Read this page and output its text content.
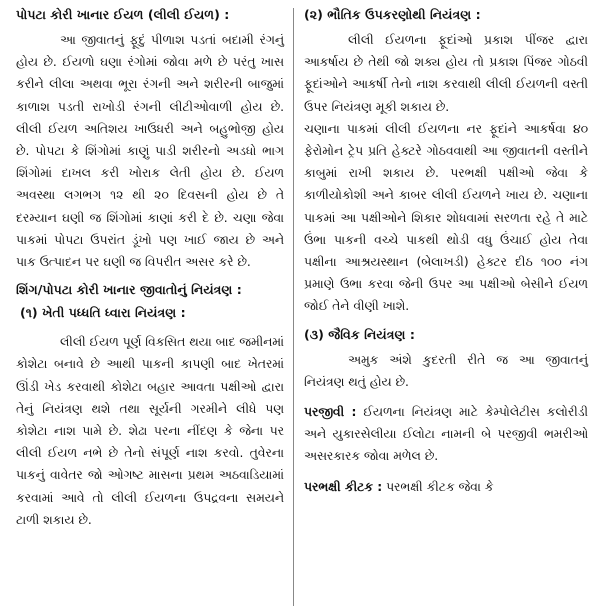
પોપટા કોરી ખાનાર ઈયળ (લીલી ઈયળ) :

આ જીવાતનું ફૂદું પીળાશ પડતાં બદામી રંગનું હોય છે. ઈયળો ઘણા રંગોમાં જોવા મળે છે પરંતુ ખાસ કરીને લીલા અથવા ભૂરા રંગની અને શરીરની બાજુમાં કાળાશ પડતી રાખોડી રંગની લીટીઓવાળી હોય છે. લીલી ઈયળ અતિશય ખાઉધરી અને બહુભોજી હોય છે. પોપટા કે શિંગોમાં કાણું પાડી શરીરનો અડધો ભાગ શિંગોમાં દાખલ કરી ખોરાક લેતી હોય છે. ઈયળ અવસ્થા લગભગ ૧૨ થી ૨૦ દિવસની હોય છે તે દરમ્યાન ઘણી જ શિંગોમાં કાણાં કરી દે છે. ચણા જેવા પાકમાં પોપટા ઉપરાંત ડૂંખો પણ ખાઈ જાય છે અને પાક ઉત્પાદન પર ઘણી જ વિપરીત અસર કરે છે.

શિંગ/પોપટા કોરી ખાનાર જીવાતોનું નિયંત્રણ :
(૧) ખેતી પધ્ધતિ ધ્વારા નિયંત્રણ :

લીલી ઈયળ પૂર્ણ વિકસિત થયા બાદ જમીનમાં કોશેટા બનાવે છે આથી પાકની કાપણી બાદ ખેતરમાં ઊંડી ખેડ કરવાથી કોશેટા બહાર આવતા પક્ષીઓ દ્વારા તેનું નિયંત્રણ થશે તથા સૂર્યની ગરમીને લીધે પણ કોશેટા નાશ પામે છે. શેઢા પરના નીંદણ કે જેના પર લીલી ઈયળ નભે છે તેનો સંપૂર્ણ નાશ કરવો. તુવેરના પાકનું વાવેતર જો ઓગષ્ટ માસના પ્રથમ અઠવાડિયામાં કરવામાં આવે તો લીલી ઈયળના ઉપદ્રવના સમયને ટાળી શકાય છે.

(૨) ભૌતિક ઉપકરણોથી નિયંત્રણ :

લીલી ઈયળના ફૂદાંઓ પ્રકાશ પીંજર દ્વારા આકર્ષાય છે તેથી જો શક્ય હોય તો પ્રકાશ પિંજર ગોઠવી ફૂદાંઓને આકર્ષી તેનો નાશ કરવાથી લીલી ઈયળની વસ્તી ઉપર નિયંત્રણ મૂકી શકાય છે.

ચણાના પાકમાં લીલી ઈયળના નર ફૂદાંને આકર્ષવા ૪૦ ફેરોમોન ટ્રેપ પ્રતિ હેક્ટરે ગોઠવવાથી આ જીવાતની વસ્તીને કાબુમાં રાખી શકાય છે. પરભક્ષી પક્ષીઓ જેવા કે કાળીયોકોશી અને કાબર લીલી ઈયળને ખાય છે. ચણાના પાકમાં આ પક્ષીઓને શિકાર શોધવામાં સરળતા રહે તે માટે ઉંભા પાકની વચ્ચે પાકથી થોડી વધુ ઉંચાઈ હોય તેવા પક્ષીના આશ્રયસ્થાન (બેલાખડી) હેક્ટર દીઠ ૧૦૦ નંગ પ્રમાણે ઉભા કરવા જેની ઉપર આ પક્ષીઓ બેસીને ઈયળ જોઈ તેને વીણી ખાશે.

(૩) જૈવિક નિયંત્રણ :

અમુક અંશે કુદરતી રીતે જ આ જીવાતનું નિયંત્રણ થતું હોય છે.

પરજીવી : ઈયળના નિયંત્રણ માટે કેમ્પોલેટીસ કલોરીડી અને યુકારસેલીયા ઈલોટા નામની બે પરજીવી ભમરીઓ અસરકારક જોવા મળેલ છે.

પરભક્ષી કીટક : પરભક્ષી કીટક જેવા કે
